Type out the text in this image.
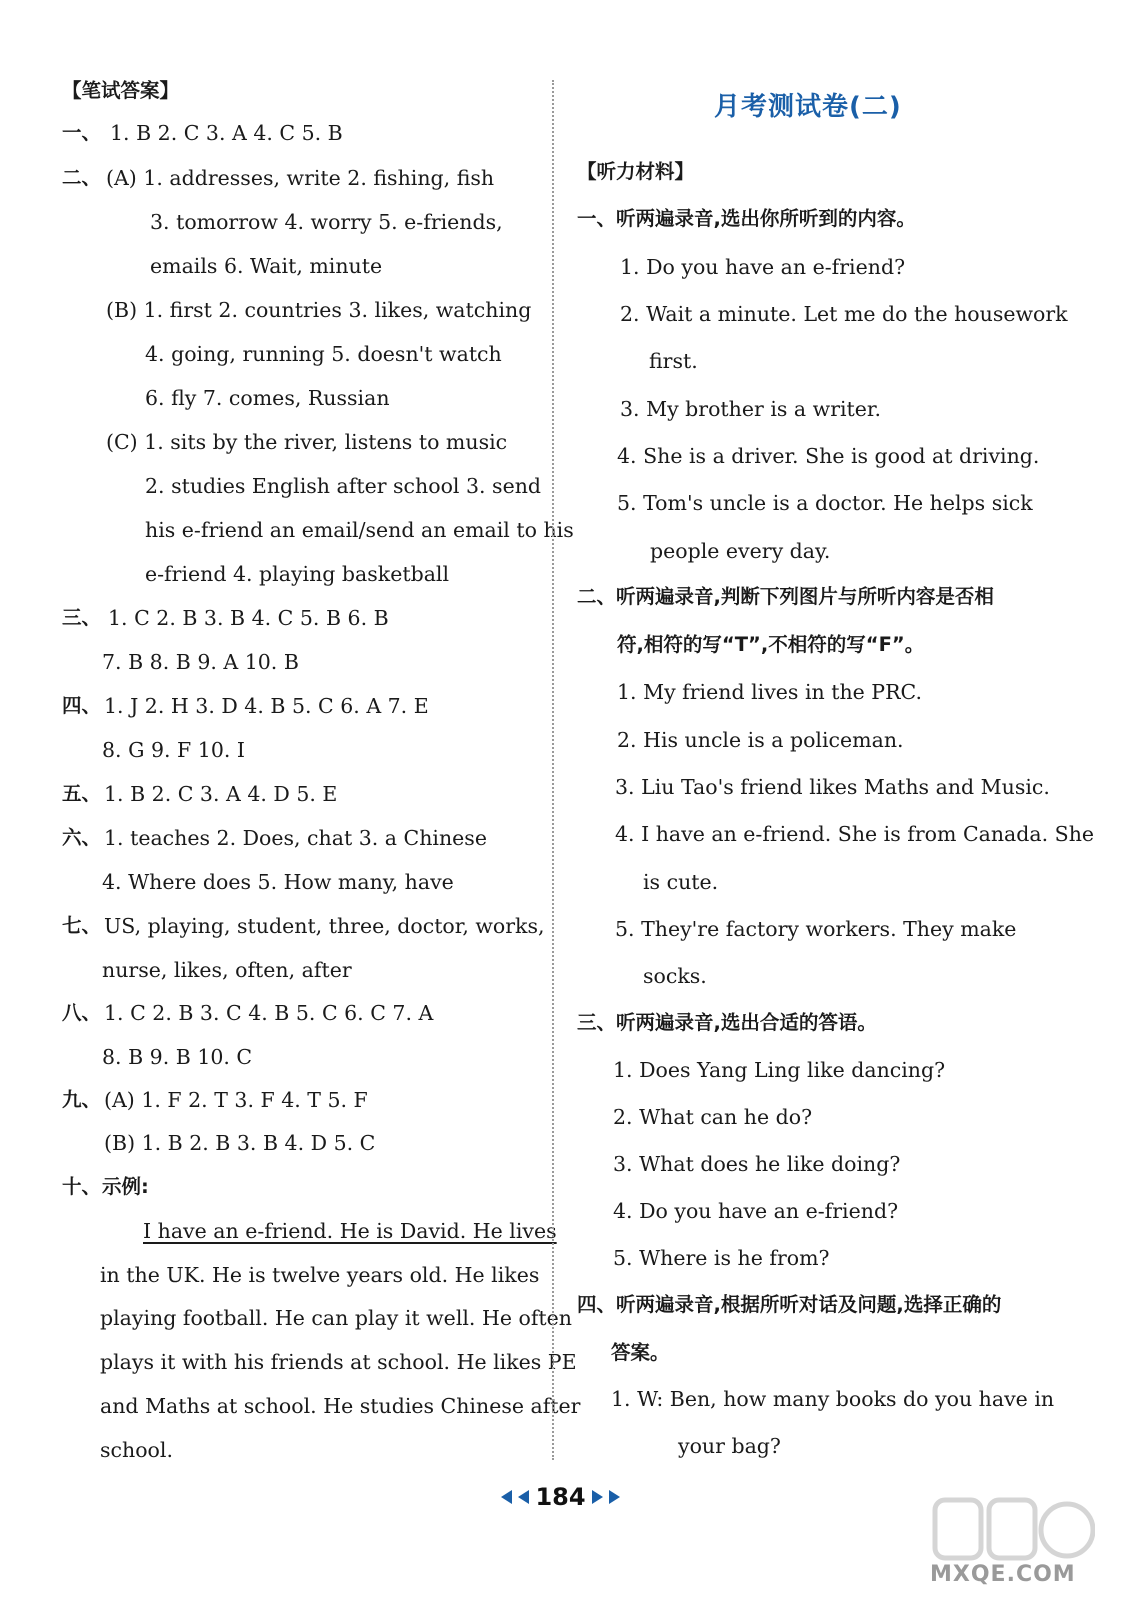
【笔试答案】
一、 1. B 2. C 3. A 4. C 5. B
二、 (A) 1. addresses, write 2. fishing, fish
3. tomorrow 4. worry 5. e-friends,
emails 6. Wait, minute
(B) 1. first 2. countries 3. likes, watching
4. going, running 5. doesn't watch
6. fly 7. comes, Russian
(C) 1. sits by the river, listens to music
2. studies English after school 3. send
his e-friend an email/send an email to his
e-friend 4. playing basketball
三、 1. C 2. B 3. B 4. C 5. B 6. B
7. B 8. B 9. A 10. B
四、 1. J 2. H 3. D 4. B 5. C 6. A 7. E
8. G 9. F 10. I
五、 1. B 2. C 3. A 4. D 5. E
六、 1. teaches 2. Does, chat 3. a Chinese
4. Where does 5. How many, have
七、 US, playing, student, three, doctor, works,
nurse, likes, often, after
八、 1. C 2. B 3. C 4. B 5. C 6. C 7. A
8. B 9. B 10. C
九、 (A) 1. F 2. T 3. F 4. T 5. F
(B) 1. B 2. B 3. B 4. D 5. C
十、 示例:
I have an e-friend. He is David. He lives
in the UK. He is twelve years old. He likes
playing football. He can play it well. He often
plays it with his friends at school. He likes PE
and Maths at school. He studies Chinese after
school.
月考测试卷(二)
【听力材料】
一、听两遍录音,选出你所听到的内容。
1. Do you have an e-friend?
2. Wait a minute. Let me do the housework
first.
3. My brother is a writer.
4. She is a driver. She is good at driving.
5. Tom's uncle is a doctor. He helps sick
people every day.
二、听两遍录音,判断下列图片与所听内容是否相
符,相符的写“T”,不相符的写“F”。
1. My friend lives in the PRC.
2. His uncle is a policeman.
3. Liu Tao's friend likes Maths and Music.
4. I have an e-friend. She is from Canada. She
is cute.
5. They're factory workers. They make
socks.
三、听两遍录音,选出合适的答语。
1. Does Yang Ling like dancing?
2. What can he do?
3. What does he like doing?
4. Do you have an e-friend?
5. Where is he from?
四、听两遍录音,根据所听对话及问题,选择正确的
答案。
1. W: Ben, how many books do you have in
your bag?
184
MXQE.COM
